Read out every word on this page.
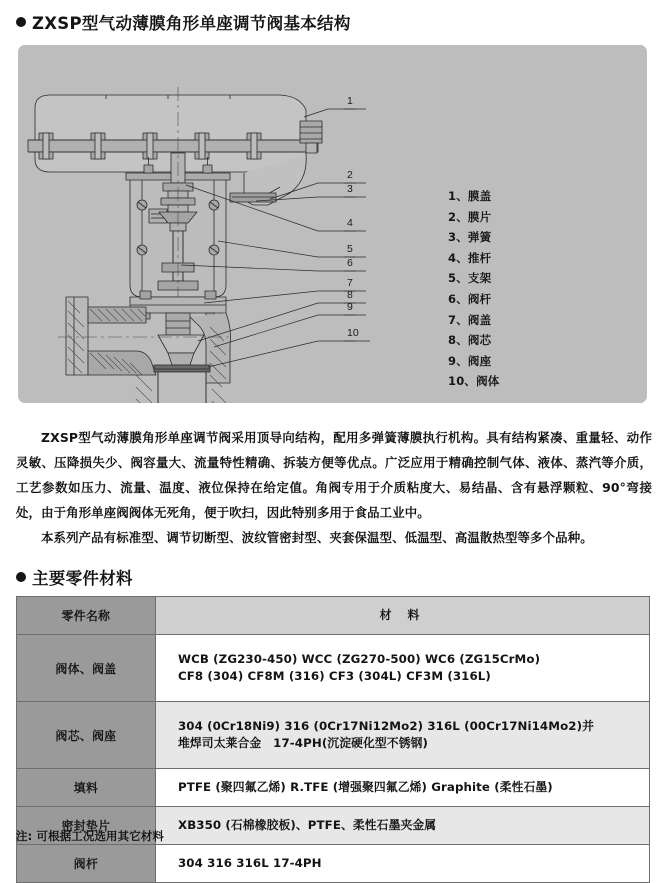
ZXSP型气动薄膜角形单座调节阀基本结构
1
2
3
4
5
6
7
8
9
10
1、膜盖
2、膜片
3、弹簧
4、推杆
5、支架
6、阀杆
7、阀盖
8、阀芯
9、阀座
10、阀体
ZXSP型气动薄膜角形单座调节阀采用顶导向结构，配用多弹簧薄膜执行机构。具有结构紧凑、重量轻、动作灵敏、压降损失少、阀容量大、流量特性精确、拆装方便等优点。广泛应用于精确控制气体、液体、蒸汽等介质，工艺参数如压力、流量、温度、液位保持在给定值。角阀专用于介质粘度大、易结晶、含有悬浮颗粒、90°弯接处，由于角形单座阀阀体无死角，便于吹扫，因此特别多用于食品工业中。
本系列产品有标准型、调节切断型、波纹管密封型、夹套保温型、低温型、高温散热型等多个品种。
主要零件材料
零件名称	材 料
阀体、阀盖	WCB (ZG230-450) WCC (ZG270-500) WC6 (ZG15CrMo)
CF8 (304) CF8M (316) CF3 (304L) CF3M (316L)

阀芯、阀座	304 (0Cr18Ni9) 316 (0Cr17Ni12Mo2) 316L (00Cr17Ni14Mo2)并
堆焊司太莱合金　17-4PH(沉淀硬化型不锈钢)

填料	PTFE (聚四氟乙烯) R.TFE (增强聚四氟乙烯) Graphite (柔性石墨)

密封垫片	XB350 (石棉橡胶板)、PTFE、柔性石墨夹金属

阀杆	304 316 316L 17-4PH
注: 可根据工况选用其它材料
